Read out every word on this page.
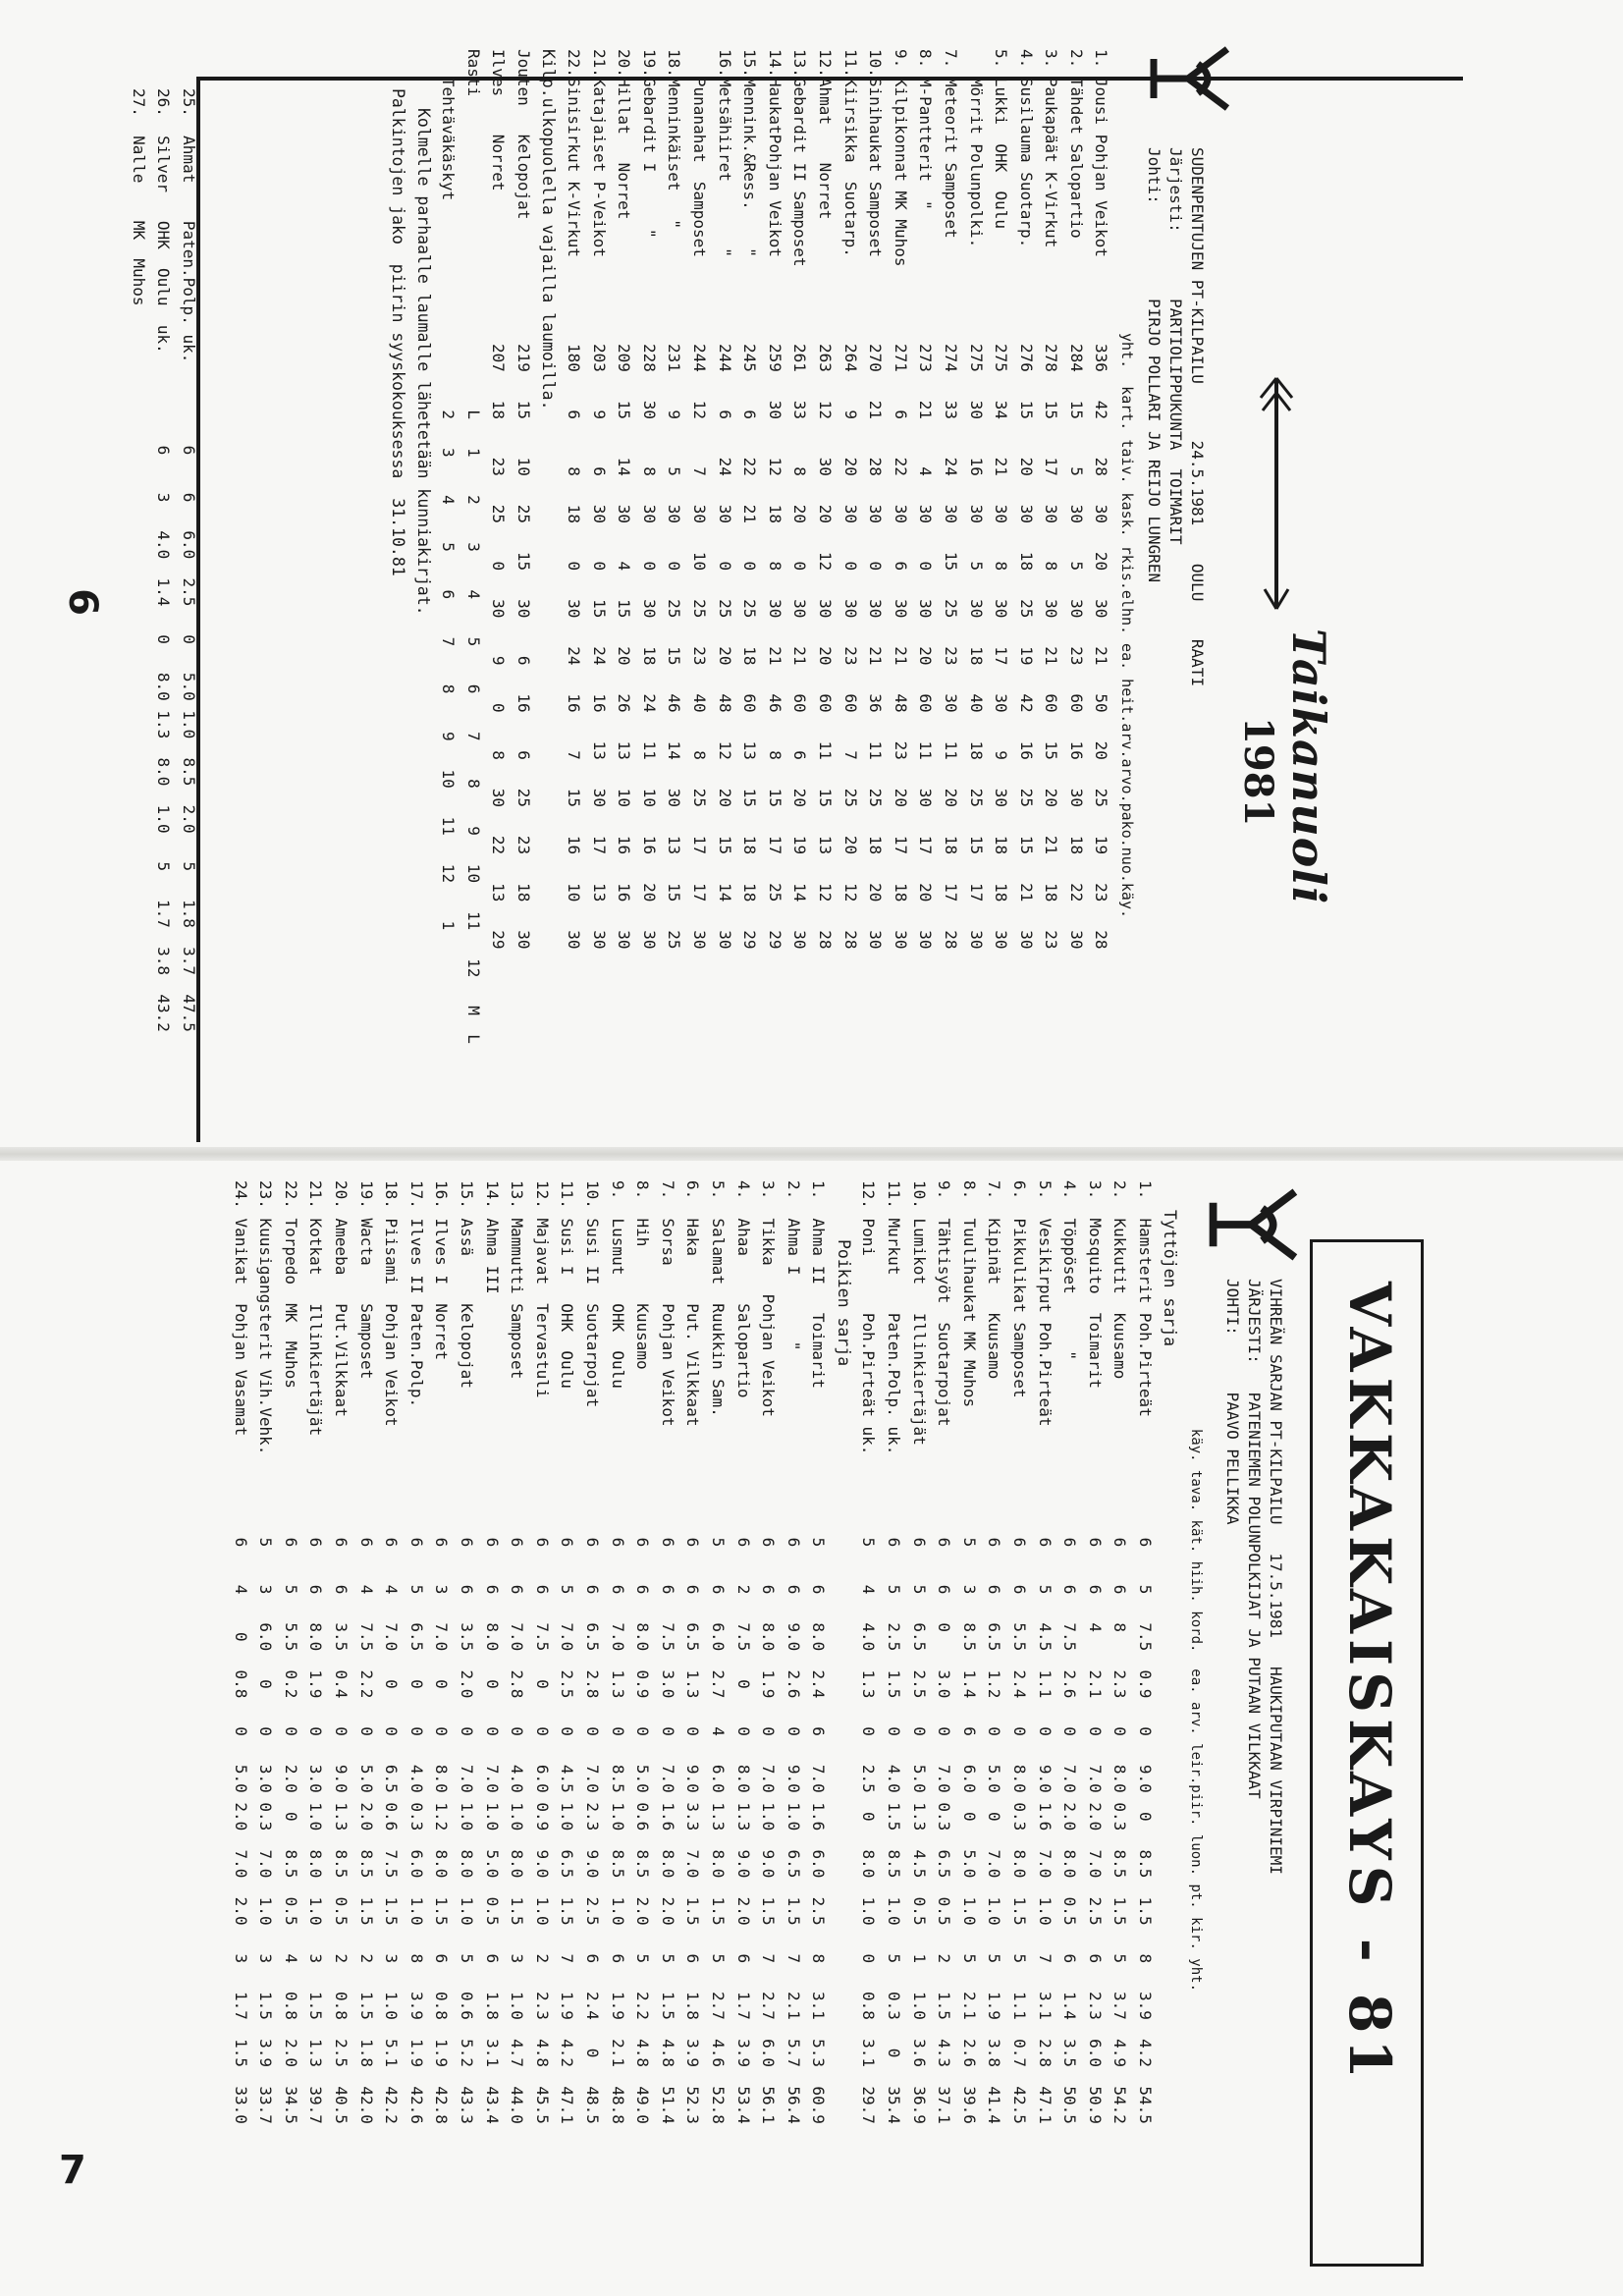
Taikanuoli
1981
SUDENPENTUJEN PT-KILPAILU      24.5.1981    OULU    RAATI
Järjesti:       PARTIOLIPPUKUNTA  TOIMARIT
Johti:          PIRJO POLLARI JA REIJO LUNGREN
yht.  kart. taiv. kask. rkis.elhn. ea. heit.arv.arvo.pako.nuo.käy.
1. Jousi Pohjan Veikot
336   42    28   30   20   30   21   50   20   25   19   23   28
2. Tähdet Salopartio
284   15     5   30    5   30   23   60   16   30   18   22   30
3. Paukapäät K-Virkut
278   15    17   30    8   30   21   60   15   20   21   18   23
4. Susilauma Suotarp.
276   15    20   30   18   25   19   42   16   25   15   21   30
5. Lukki  OHK  Oulu
275   34    21   30    8   30   17   30    9   30   18   18   30
Mörrit Polunpolki.
275   30    16   30    5   30   18   40   18   25   15   17   30
7. Meteorit Samposet
274   33    24   30   15   25   23   30   11   20   18   17   28
8. M-Pantterit  "
273   21     4   30    0   30   20   60   11   30   17   20   30
9. Kilpikonnat MK Muhos
271    6    22   30    6   30   21   48   23   20   17   18   30
10.Sinihaukat Samposet
270   21    28   30    0   30   21   36   11   25   18   20   30
11.Kiirsikka  Suotarp.
264    9    20   30    0   30   23   60    7   25   20   12   28
12.Ahmat    Norret
263   12    30   20   12   30   20   60   11   15   13   12   28
13.Gebardit II Samposet
261   33     8   20    0   30   21   60    6   20   19   14   30
14.HaukatPohjan Veikot
259   30    12   18    8   30   21   46    8   15   17   25   29
15.Mennink.&Ress.    "
245    6    22   21    0   25   18   60   13   15   18   18   29
16.Metsähiiret       "
244    6    24   30    0   25   20   48   12   20   15   14   30
Punanahat  Samposet
244   12     7   30   10   25   23   40    8   25   17   17   30
18.Menninkäiset   "
231    9     5   30    0   25   15   46   14   30   13   15   25
19.Gebardit I      "
228   30     8   30    0   30   18   24   11   10   16   20   30
20.Hillat   Norret
209   15    14   30    4   15   20   26   13   10   16   16   30
21.Katajaiset P-Veikot
203    9     6   30    0   15   24   16   13   30   17   13   30
22.Sinisirkut K-Virkut
180    6     8   18    0   30   24   16    7   15   16   10   30
Kilp.ulkopuolella vajailla laumoilla.
Jouten   Kelopojat
219   15    10   25   15   30    6   16    6   25   23   18   30
Ilves    Norret
207   18    23   25    0   30    9    0    8   30   22   13   29
Rasti
L   1    2    3    4    5    6    7    8    9   10   11   12   M  L
Tehtäväkäskyt
2   3    4    5    6    7    8    9   10   11   12    1
Kolmelle parhaalle laumalle lähetetään kunniakirjat.
Palkintojen jako  piirin syyskokouksessa  31.10.81
25.  Ahmat    Paten.Polp. uk.
6    6   6.0  2.5   0   5.0 1.0  8.5  2.0   5   1.8  3.7  47.5
26.  Silver   OHK  Oulu  uk.
6    3   4.0  1.4   0   8.0 1.3  8.0  1.0   5   1.7  3.8  43.2
27.  Nalle    MK  Muhos
6
VAKKAKAISKAYS - 81
VIHREÄN SARJAN PT-KILPAILU   17.5.1981   HAUKIPUTAAN VIRPINIEMI
JÄRJESTI:   PATENIEMEN POLUNPOLKIJAT JA PUTAAN VILKKAAT
JOHTI:      PAAVO PELLIKKA
käy. tava. kät. hiih. kord.  ea. arv. leir.piir. luon. pt. kir. yht.
Tyttöjen sarja
1.  Hamsterit Poh.Pirteät
6    5   7.5  0.9   0   9.0  0   8.5  1.5   8   3.9  4.2  54.5
2.  Kukkutit  Kuusamo
6    6   8    2.3   0   8.0 0.3  8.5  1.5   5   3.7  4.9  54.2
3.  Mosquito  Toimarit
6    6   4    2.1   0   7.0 2.0  7.0  2.5   6   2.3  6.0  50.9
4.  Töppöset      "
6    6   7.5  2.6   0   7.0 2.0  8.0  0.5   6   1.4  3.5  50.5
5.  Vesikirput Poh.Pirteät
6    5   4.5  1.1   0   9.0 1.6  7.0  1.0   7   3.1  2.8  47.1
6.  Pikkulikat Samposet
6    6   5.5  2.4   0   8.0 0.3  8.0  1.5   5   1.1  0.7  42.5
7.  Kipinät   Kuusamo
6    6   6.5  1.2   0   5.0  0   7.0  1.0   5   1.9  3.8  41.4
8.  Tuulihaukat MK Muhos
5    3   8.5  1.4   6   6.0  0   5.0  1.0   5   2.1  2.6  39.6
9.  Tähtisyöt  Suotarpojat
6    6   0    3.0   0   7.0 0.3  6.5  0.5   2   1.5  4.3  37.1
10. Lumikot   Illinkiertäjät
6    5   6.5  2.5   0   5.0 1.3  4.5  0.5   1   1.0  3.6  36.9
11. Murkut    Paten.Polp. uk.
6    5   2.5  1.5   0   4.0 1.5  8.5  1.0   5   0.3   0   35.4
12. Poni      Poh.Pirteät uk.
5    4   4.0  1.3   0   2.5  0   8.0  1.0   0   0.8  3.1  29.7
Poikien sarja
1.  Ahma II   Toimarit
5    6   8.0  2.4   6   7.0 1.6  6.0  2.5   8   3.1  5.3  60.9
2.  Ahma I       "
6    6   9.0  2.6   0   9.0 1.0  6.5  1.5   7   2.1  5.7  56.4
3.  Tikka   Pohjan Veikot
6    6   8.0  1.9   0   7.0 1.0  9.0  1.5   7   2.7  6.0  56.1
4.  Ahaa     Salopartio
6    2   7.5   0    0   8.0 1.3  9.0  2.0   6   1.7  3.9  53.4
5.  Salamat  Ruukkin Sam.
5    6   6.0  2.7   4   6.0 1.3  8.0  1.5   5   2.7  4.6  52.8
6.  Haka     Put. Vilkkaat
6    6   6.5  1.3   0   9.0 3.3  7.0  1.5   6   1.8  3.9  52.3
7.  Sorsa    Pohjan Veikot
6    6   7.5  3.0   0   7.0 1.6  8.0  2.0   5   1.5  4.8  51.4
8.  Hih      Kuusamo
6    6   8.0  0.9   0   5.0 0.6  8.5  2.0   5   2.2  4.8  49.0
9.  Lusmut   OHK  Oulu
6    6   7.0  1.3   0   8.5 1.0  8.5  1.0   6   1.9  2.1  48.8
10. Susi II  Suotarpojat
6    6   6.5  2.8   0   7.0 2.3  9.0  2.5   6   2.4   0   48.5
11. Susi I   OHK  Oulu
6    5   7.0  2.5   0   4.5 1.0  6.5  1.5   7   1.9  4.2  47.1
12. Majavat  Tervastuli
6    6   7.5   0    0   6.0 0.9  9.0  1.0   2   2.3  4.8  45.5
13. Mammutti Samposet
6    6   7.0  2.8   0   4.0 1.0  8.0  1.5   3   1.0  4.7  44.0
14. Ahma III
6    6   8.0   0    0   7.0 1.0  5.0  0.5   6   1.8  3.1  43.4
15. Assä     Kelopojat
6    6   3.5  2.0   0   7.0 1.0  8.0  1.0   5   0.6  5.2  43.3
16. Ilves I  Norret
6    3   7.0   0    0   8.0 1.2  8.0  1.5   6   0.8  1.9  42.8
17. Ilves II Paten.Polp.
6    5   6.5   0    0   4.0 0.3  6.0  1.0   8   3.9  1.9  42.6
18. Piisami  Pohjan Veikot
6    4   7.0   0    0   6.5 0.6  7.5  1.5   3   1.0  5.1  42.2
19. Wacta    Samposet
6    4   7.5  2.2   0   5.0 2.0  8.5  1.5   2   1.5  1.8  42.0
20. Ameeba   Put.Vilkkaat
6    6   3.5  0.4   0   9.0 1.3  8.5  0.5   2   0.8  2.5  40.5
21. Kotkat   Illinkiertäjät
6    6   8.0  1.9   0   3.0 1.0  8.0  1.0   3   1.5  1.3  39.7
22. Torpedo  MK  Muhos
6    5   5.5  0.2   0   2.0  0   8.5  0.5   4   0.8  2.0  34.5
23. Kuusigangsterit Vih.Vehk.
5    3   6.0   0    0   3.0 0.3  7.0  1.0   3   1.5  3.9  33.7
24. Vanikat  Pohjan Vasamat
6    4    0   0.8   0   5.0 2.0  7.0  2.0   3   1.7  1.5  33.0
7
